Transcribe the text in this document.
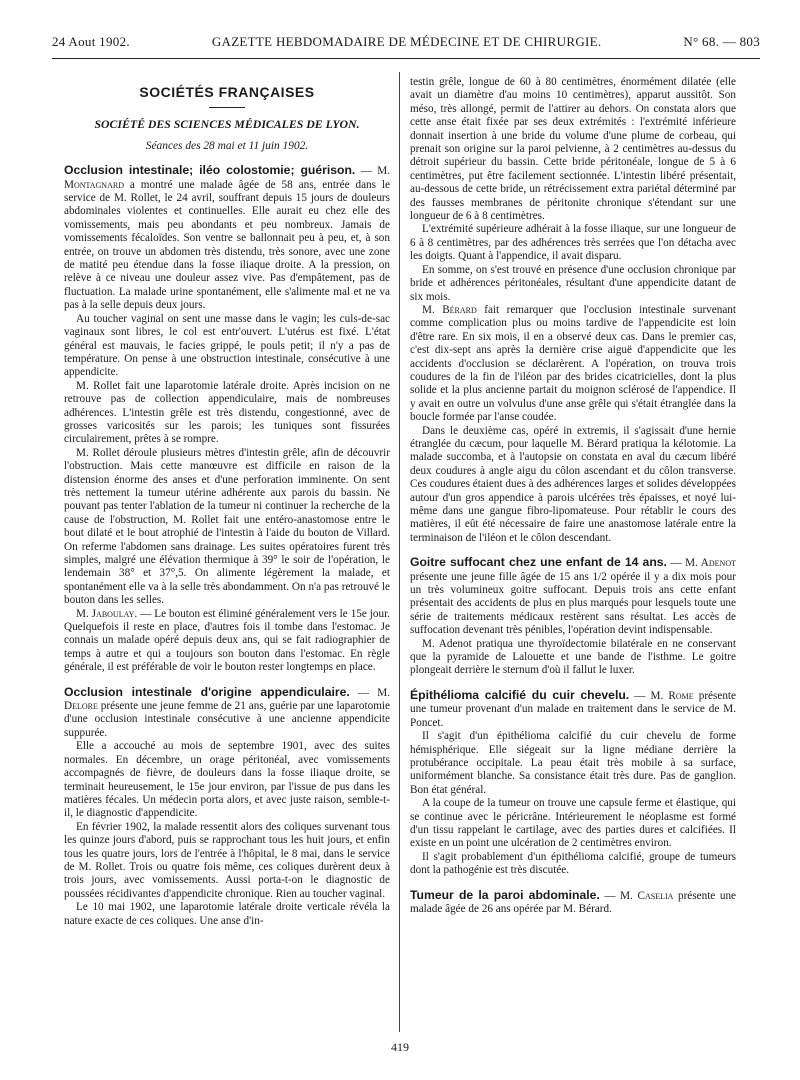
24 Aout 1902.	GAZETTE HEBDOMADAIRE DE MÉDECINE ET DE CHIRURGIE.	N° 68. — 803
SOCIÉTÉS FRANÇAISES
SOCIÉTÉ DES SCIENCES MÉDICALES DE LYON.
Séances des 28 mai et 11 juin 1902.

Occlusion intestinale; iléo colostomie; guérison. — M. Montagnard a montré une malade âgée de 58 ans, entrée dans le service de M. Rollet, le 24 avril, souffrant depuis 15 jours de douleurs abdominales violentes et continuelles. Elle aurait eu chez elle des vomissements, mais peu abondants et peu nombreux. Jamais de vomissements fécaloïdes. Son ventre se ballonnait peu à peu, et, à son entrée, on trouve un abdomen très distendu, très sonore, avec une zone de matité peu étendue dans la fosse iliaque droite. A la pression, on relève à ce niveau une douleur assez vive. Pas d'empâtement, pas de fluctuation. La malade urine spontanément, elle s'alimente mal et ne va pas à la selle depuis deux jours.

Au toucher vaginal on sent une masse dans le vagin; les culs-de-sac vaginaux sont libres, le col est entr'ouvert. L'utérus est fixé. L'état général est mauvais, le facies grippé, le pouls petit; il n'y a pas de température. On pense à une obstruction intestinale, consécutive à une appendicite.

M. Rollet fait une laparotomie latérale droite. Après incision on ne retrouve pas de collection appendiculaire, mais de nombreuses adhérences. L'intestin grêle est très distendu, congestionné, avec de grosses varicosités sur les parois; les tuniques sont fissurées circulairement, prêtes à se rompre.

M. Rollet déroule plusieurs mètres d'intestin grêle, afin de découvrir l'obstruction. Mais cette manœuvre est difficile en raison de la distension énorme des anses et d'une perforation imminente. On sent très nettement la tumeur utérine adhérente aux parois du bassin. Ne pouvant pas tenter l'ablation de la tumeur ni continuer la recherche de la cause de l'obstruction, M. Rollet fait une entéro-anastomose entre le bout dilaté et le bout atrophié de l'intestin à l'aide du bouton de Villard. On referme l'abdomen sans drainage. Les suites opératoires furent très simples, malgré une élévation thermique à 39° le soir de l'opération, le lendemain 38° et 37°,5. On alimente légèrement la malade, et spontanément elle va à la selle très abondamment. On n'a pas retrouvé le bouton dans les selles.

M. Jaboulay. — Le bouton est éliminé généralement vers le 15e jour. Quelquefois il reste en place, d'autres fois il tombe dans l'estomac. Je connais un malade opéré depuis deux ans, qui se fait radiographier de temps à autre et qui a toujours son bouton dans l'estomac. En règle générale, il est préférable de voir le bouton rester longtemps en place.

Occlusion intestinale d'origine appendiculaire. — M. Delore présente une jeune femme de 21 ans, guérie par une laparotomie d'une occlusion intestinale consécutive à une ancienne appendicite suppurée.

Elle a accouché au mois de septembre 1901, avec des suites normales. En décembre, un orage péritonéal, avec vomissements accompagnés de fièvre, de douleurs dans la fosse iliaque droite, se terminait heureusement, le 15e jour environ, par l'issue de pus dans les matières fécales. Un médecin porta alors, et avec juste raison, semble-t-il, le diagnostic d'appendicite.

En février 1902, la malade ressentit alors des coliques survenant tous les quinze jours d'abord, puis se rapprochant tous les huit jours, et enfin tous les quatre jours, lors de l'entrée à l'hôpital, le 8 mai, dans le service de M. Rollet. Trois ou quatre fois même, ces coliques durèrent deux à trois jours, avec vomissements. Aussi porta-t-on le diagnostic de poussées récidivantes d'appendicite chronique. Rien au toucher vaginal.

Le 10 mai 1902, une laparotomie latérale droite verticale révéla la nature exacte de ces coliques. Une anse d'in-

testin grêle, longue de 60 à 80 centimètres, énormément dilatée (elle avait un diamètre d'au moins 10 centimètres), apparut aussitôt. Son méso, très allongé, permit de l'attirer au dehors. On constata alors que cette anse était fixée par ses deux extrémités : l'extrémité inférieure donnait insertion à une bride du volume d'une plume de corbeau, qui prenait son origine sur la paroi pelvienne, à 2 centimètres au-dessus du détroit supérieur du bassin. Cette bride péritonéale, longue de 5 à 6 centimètres, put être facilement sectionnée. L'intestin libéré présentait, au-dessous de cette bride, un rétrécissement extra pariétal déterminé par des fausses membranes de péritonite chronique s'étendant sur une longueur de 6 à 8 centimètres.

L'extrémité supérieure adhérait à la fosse iliaque, sur une longueur de 6 à 8 centimètres, par des adhérences très serrées que l'on détacha avec les doigts. Quant à l'appendice, il avait disparu.

En somme, on s'est trouvé en présence d'une occlusion chronique par bride et adhérences péritonéales, résultant d'une appendicite datant de six mois.

M. Bérard fait remarquer que l'occlusion intestinale survenant comme complication plus ou moins tardive de l'appendicite est loin d'être rare. En six mois, il en a observé deux cas. Dans le premier cas, c'est dix-sept ans après la dernière crise aiguë d'appendicite que les accidents d'occlusion se déclarèrent. A l'opération, on trouva trois coudures de la fin de l'iléon par des brides cicatricielles, dont la plus solide et la plus ancienne partait du moignon sclérosé de l'appendice. Il y avait en outre un volvulus d'une anse grêle qui s'était étranglée dans la boucle formée par l'anse coudée.

Dans le deuxième cas, opéré in extremis, il s'agissait d'une hernie étranglée du cæcum, pour laquelle M. Bérard pratiqua la kélotomie. La malade succomba, et à l'autopsie on constata en aval du cæcum libéré deux coudures à angle aigu du côlon ascendant et du côlon transverse. Ces coudures étaient dues à des adhérences larges et solides développées autour d'un gros appendice à parois ulcérées très épaisses, et noyé lui-même dans une gangue fibro-lipomateuse. Pour rétablir le cours des matières, il eût été nécessaire de faire une anastomose latérale entre la terminaison de l'iléon et le côlon descendant.

Goitre suffocant chez une enfant de 14 ans. — M. Adenot présente une jeune fille âgée de 15 ans 1/2 opérée il y a dix mois pour un très volumineux goitre suffocant. Depuis trois ans cette enfant présentait des accidents de plus en plus marqués pour lesquels toute une série de traitements médicaux restèrent sans résultat. Les accès de suffocation devenant très pénibles, l'opération devint indispensable.

M. Adenot pratiqua une thyroïdectomie bilatérale en ne conservant que la pyramide de Lalouette et une bande de l'isthme. Le goitre plongeait derrière le sternum d'où il fallut le luxer.

Épithélioma calcifié du cuir chevelu. — M. Rome présente une tumeur provenant d'un malade en traitement dans le service de M. Poncet.

Il s'agit d'un épithélioma calcifié du cuir chevelu de forme hémisphérique. Elle siégeait sur la ligne médiane derrière la protubérance occipitale. La peau était très mobile à sa surface, uniformément blanche. Sa consistance était très dure. Pas de ganglion. Bon état général.

A la coupe de la tumeur on trouve une capsule ferme et élastique, qui se continue avec le péricrâne. Intérieurement le néoplasme est formé d'un tissu rappelant le cartilage, avec des parties dures et calcifiées. Il existe en un point une ulcération de 2 centimètres environ.

Il s'agit probablement d'un épithélioma calcifié, groupe de tumeurs dont la pathogénie est très discutée.

Tumeur de la paroi abdominale. — M. Caselia présente une malade âgée de 26 ans opérée par M. Bérard.

419
